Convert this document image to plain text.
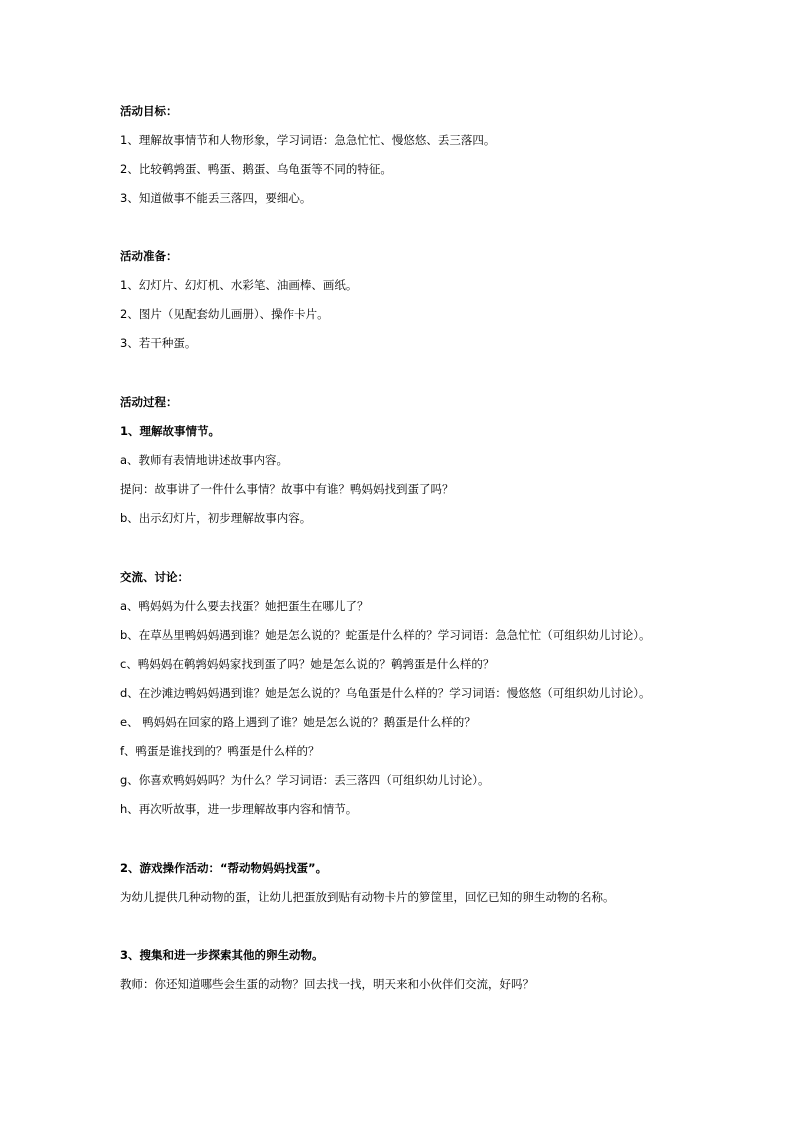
活动目标：
1、理解故事情节和人物形象，学习词语：急急忙忙、慢悠悠、丢三落四。
2、比较鹌鹑蛋、鸭蛋、鹅蛋、乌龟蛋等不同的特征。
3、知道做事不能丢三落四，要细心。
活动准备：
1、幻灯片、幻灯机、水彩笔、油画棒、画纸。
2、图片（见配套幼儿画册）、操作卡片。
3、若干种蛋。
活动过程：
1、理解故事情节。
a、教师有表情地讲述故事内容。
提问：故事讲了一件什么事情？故事中有谁？鸭妈妈找到蛋了吗？
b、出示幻灯片，初步理解故事内容。
交流、讨论：
a、鸭妈妈为什么要去找蛋？她把蛋生在哪儿了？
b、在草丛里鸭妈妈遇到谁？她是怎么说的？蛇蛋是什么样的？学习词语：急急忙忙（可组织幼儿讨论）。
c、鸭妈妈在鹌鹑妈妈家找到蛋了吗？她是怎么说的？鹌鹑蛋是什么样的？
d、在沙滩边鸭妈妈遇到谁？她是怎么说的？乌龟蛋是什么样的？学习词语：慢悠悠（可组织幼儿讨论）。
e、 鸭妈妈在回家的路上遇到了谁？她是怎么说的？鹅蛋是什么样的？
f、鸭蛋是谁找到的？鸭蛋是什么样的？
g、你喜欢鸭妈妈吗？为什么？学习词语：丢三落四（可组织幼儿讨论）。
h、再次听故事，进一步理解故事内容和情节。
2、游戏操作活动：“帮动物妈妈找蛋”。
为幼儿提供几种动物的蛋，让幼儿把蛋放到贴有动物卡片的箩筐里，回忆已知的卵生动物的名称。
3、搜集和进一步探索其他的卵生动物。
教师：你还知道哪些会生蛋的动物？回去找一找，明天来和小伙伴们交流，好吗？
